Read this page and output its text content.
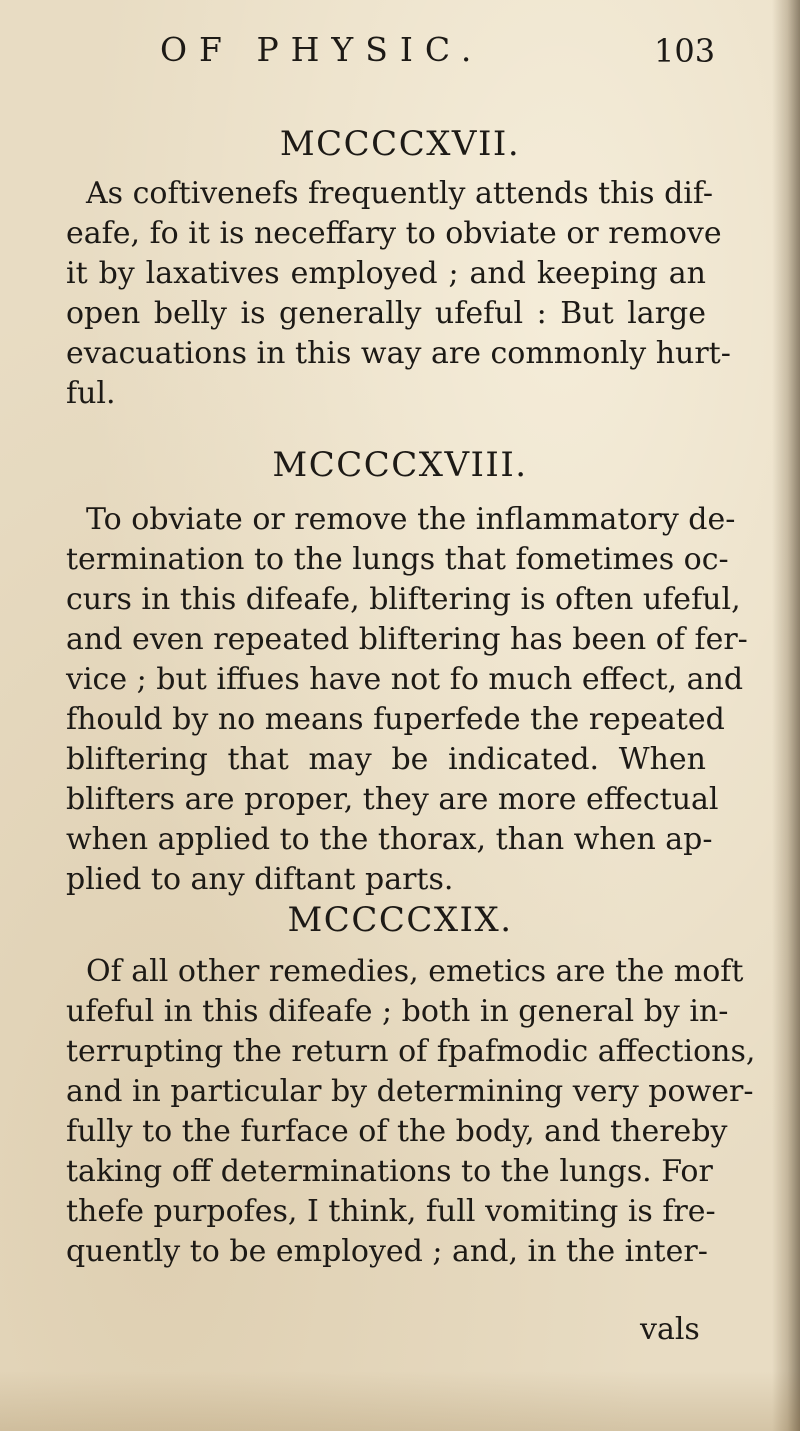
OF PHYSIC.	103
MCCCCXVII.
As coftivenefs frequently attends this dif-
eafe, fo it is neceffary to obviate or remove
it by laxatives employed ; and keeping an
open belly is generally ufeful : But large
evacuations in this way are commonly hurt-
ful.
MCCCCXVIII.
To obviate or remove the inflammatory de-
termination to the lungs that fometimes oc-
curs in this difeafe, bliftering is often ufeful,
and even repeated bliftering has been of fer-
vice ; but iffues have not fo much effect, and
fhould by no means fuperfede the repeated
bliftering that may be indicated. When
blifters are proper, they are more effectual
when applied to the thorax, than when ap-
plied to any diftant parts.
MCCCCXIX.
Of all other remedies, emetics are the moft
ufeful in this difeafe ; both in general by in-
terrupting the return of fpafmodic affections,
and in particular by determining very power-
fully to the furface of the body, and thereby
taking off determinations to the lungs. For
thefe purpofes, I think, full vomiting is fre-
quently to be employed ; and, in the inter-
vals
